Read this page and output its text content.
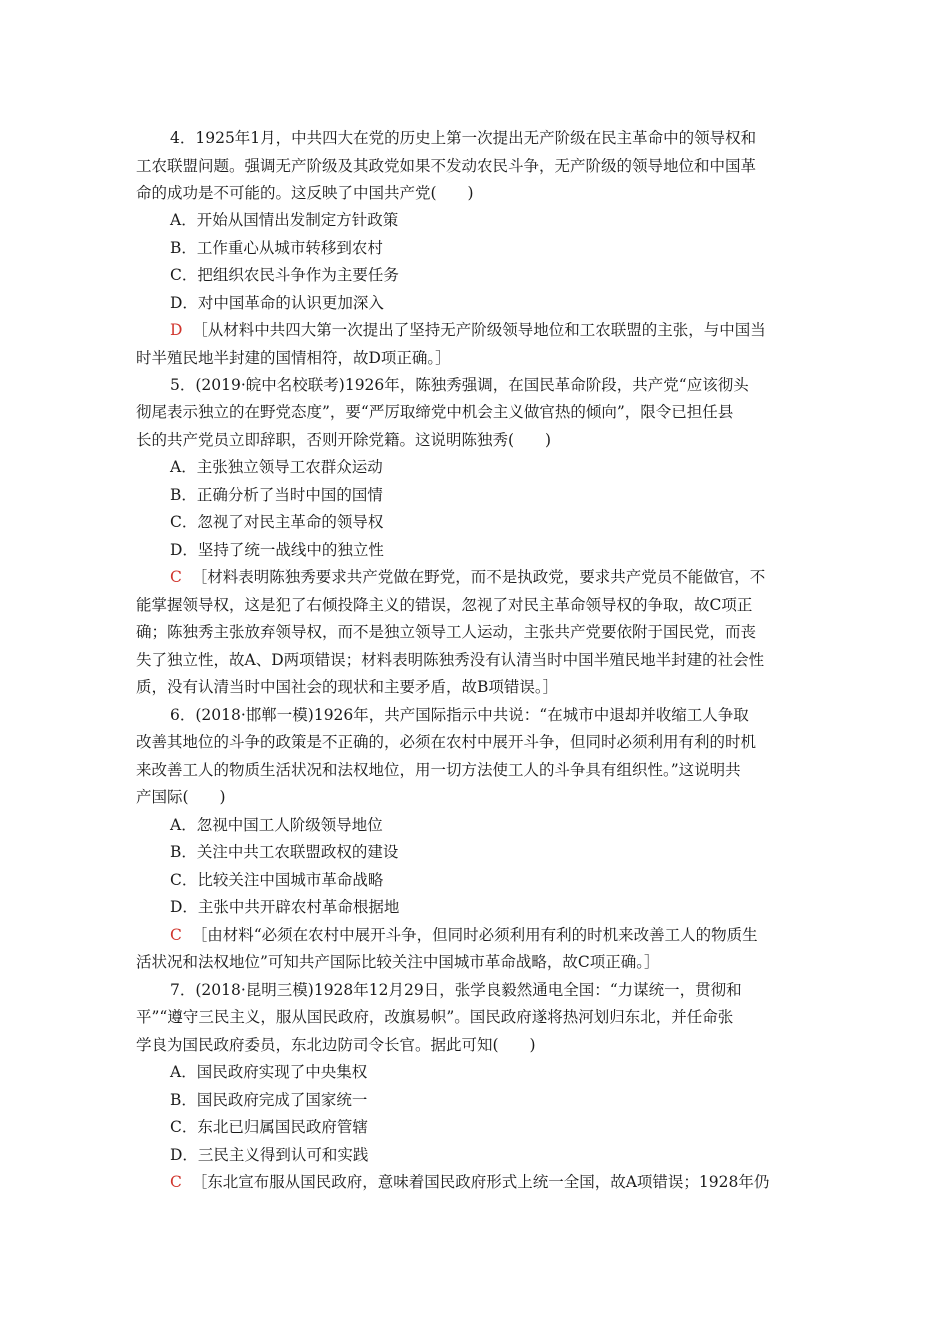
4．1925年1月，中共四大在党的历史上第一次提出无产阶级在民主革命中的领导权和
工农联盟问题。强调无产阶级及其政党如果不发动农民斗争，无产阶级的领导地位和中国革
命的成功是不可能的。这反映了中国共产党(　　)
A．开始从国情出发制定方针政策
B．工作重心从城市转移到农村
C．把组织农民斗争作为主要任务
D．对中国革命的认识更加深入
D ［从材料中共四大第一次提出了坚持无产阶级领导地位和工农联盟的主张，与中国当
时半殖民地半封建的国情相符，故D项正确。］
5．(2019·皖中名校联考)1926年，陈独秀强调，在国民革命阶段，共产党“应该彻头
彻尾表示独立的在野党态度”，要“严厉取缔党中机会主义做官热的倾向”，限令已担任县
长的共产党员立即辞职，否则开除党籍。这说明陈独秀(　　)
A．主张独立领导工农群众运动
B．正确分析了当时中国的国情
C．忽视了对民主革命的领导权
D．坚持了统一战线中的独立性
C ［材料表明陈独秀要求共产党做在野党，而不是执政党，要求共产党员不能做官，不
能掌握领导权，这是犯了右倾投降主义的错误，忽视了对民主革命领导权的争取，故C项正
确；陈独秀主张放弃领导权，而不是独立领导工人运动，主张共产党要依附于国民党，而丧
失了独立性，故A、D两项错误；材料表明陈独秀没有认清当时中国半殖民地半封建的社会性
质，没有认清当时中国社会的现状和主要矛盾，故B项错误。］
6．(2018·邯郸一模)1926年，共产国际指示中共说：“在城市中退却并收缩工人争取
改善其地位的斗争的政策是不正确的，必须在农村中展开斗争，但同时必须利用有利的时机
来改善工人的物质生活状况和法权地位，用一切方法使工人的斗争具有组织性。”这说明共
产国际(　　)
A．忽视中国工人阶级领导地位
B．关注中共工农联盟政权的建设
C．比较关注中国城市革命战略
D．主张中共开辟农村革命根据地
C ［由材料“必须在农村中展开斗争，但同时必须利用有利的时机来改善工人的物质生
活状况和法权地位”可知共产国际比较关注中国城市革命战略，故C项正确。］
7．(2018·昆明三模)1928年12月29日，张学良毅然通电全国：“力谋统一，贯彻和
平”“遵守三民主义，服从国民政府，改旗易帜”。国民政府遂将热河划归东北，并任命张
学良为国民政府委员，东北边防司令长官。据此可知(　　)
A．国民政府实现了中央集权
B．国民政府完成了国家统一
C．东北已归属国民政府管辖
D．三民主义得到认可和实践
C ［东北宣布服从国民政府，意味着国民政府形式上统一全国，故A项错误；1928年仍
